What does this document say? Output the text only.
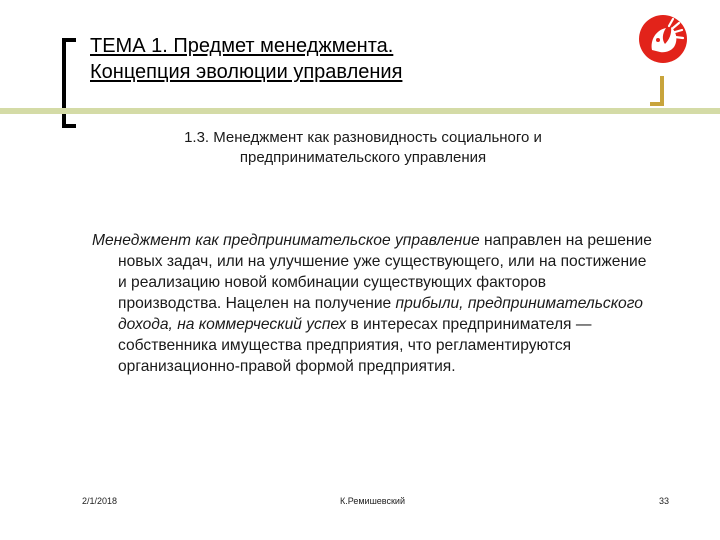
ТЕМА 1. Предмет менеджмента.
Концепция эволюции управления
1.3. Менеджмент как разновидность социального и
предпринимательского управления

Менеджмент как предпринимательское управление направлен на решение новых задач, или на улучшение уже существующего, или на постижение и реализацию новой комбинации существующих факторов производства. Нацелен на получение прибыли, предпринимательского дохода, на коммерческий успех в интересах предпринимателя — собственника имущества предприятия, что регламентируются организационно-правой формой предприятия.

2/1/2018	К.Ремишевский	33
